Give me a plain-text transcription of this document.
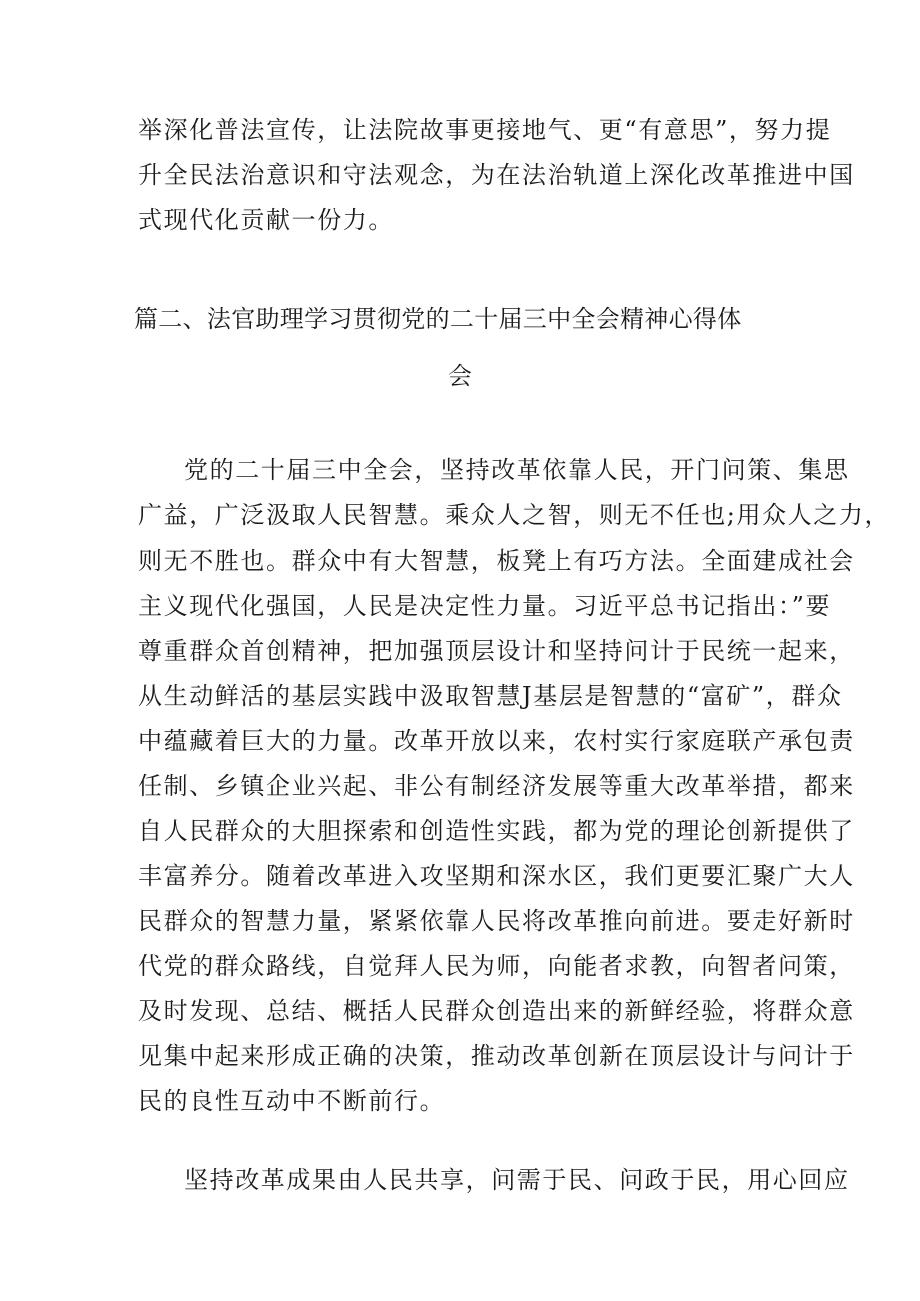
举深化普法宣传，让法院故事更接地气、更“有意思”，努力提
升全民法治意识和守法观念，为在法治轨道上深化改革推进中国
式现代化贡献一份力。
篇二、法官助理学习贯彻党的二十届三中全会精神心得体
会
党的二十届三中全会，坚持改革依靠人民，开门问策、集思
广益，广泛汲取人民智慧。乘众人之智，则无不任也;用众人之力，
则无不胜也。群众中有大智慧，板凳上有巧方法。全面建成社会
主义现代化强国，人民是决定性力量。习近平总书记指出：”要
尊重群众首创精神，把加强顶层设计和坚持问计于民统一起来，
从生动鲜活的基层实践中汲取智慧J基层是智慧的“富矿”，群众
中蕴藏着巨大的力量。改革开放以来，农村实行家庭联产承包责
任制、乡镇企业兴起、非公有制经济发展等重大改革举措，都来
自人民群众的大胆探索和创造性实践，都为党的理论创新提供了
丰富养分。随着改革进入攻坚期和深水区，我们更要汇聚广大人
民群众的智慧力量，紧紧依靠人民将改革推向前进。要走好新时
代党的群众路线，自觉拜人民为师，向能者求教，向智者问策，
及时发现、总结、概括人民群众创造出来的新鲜经验，将群众意
见集中起来形成正确的决策，推动改革创新在顶层设计与问计于
民的良性互动中不断前行。
坚持改革成果由人民共享，问需于民、问政于民，用心回应
